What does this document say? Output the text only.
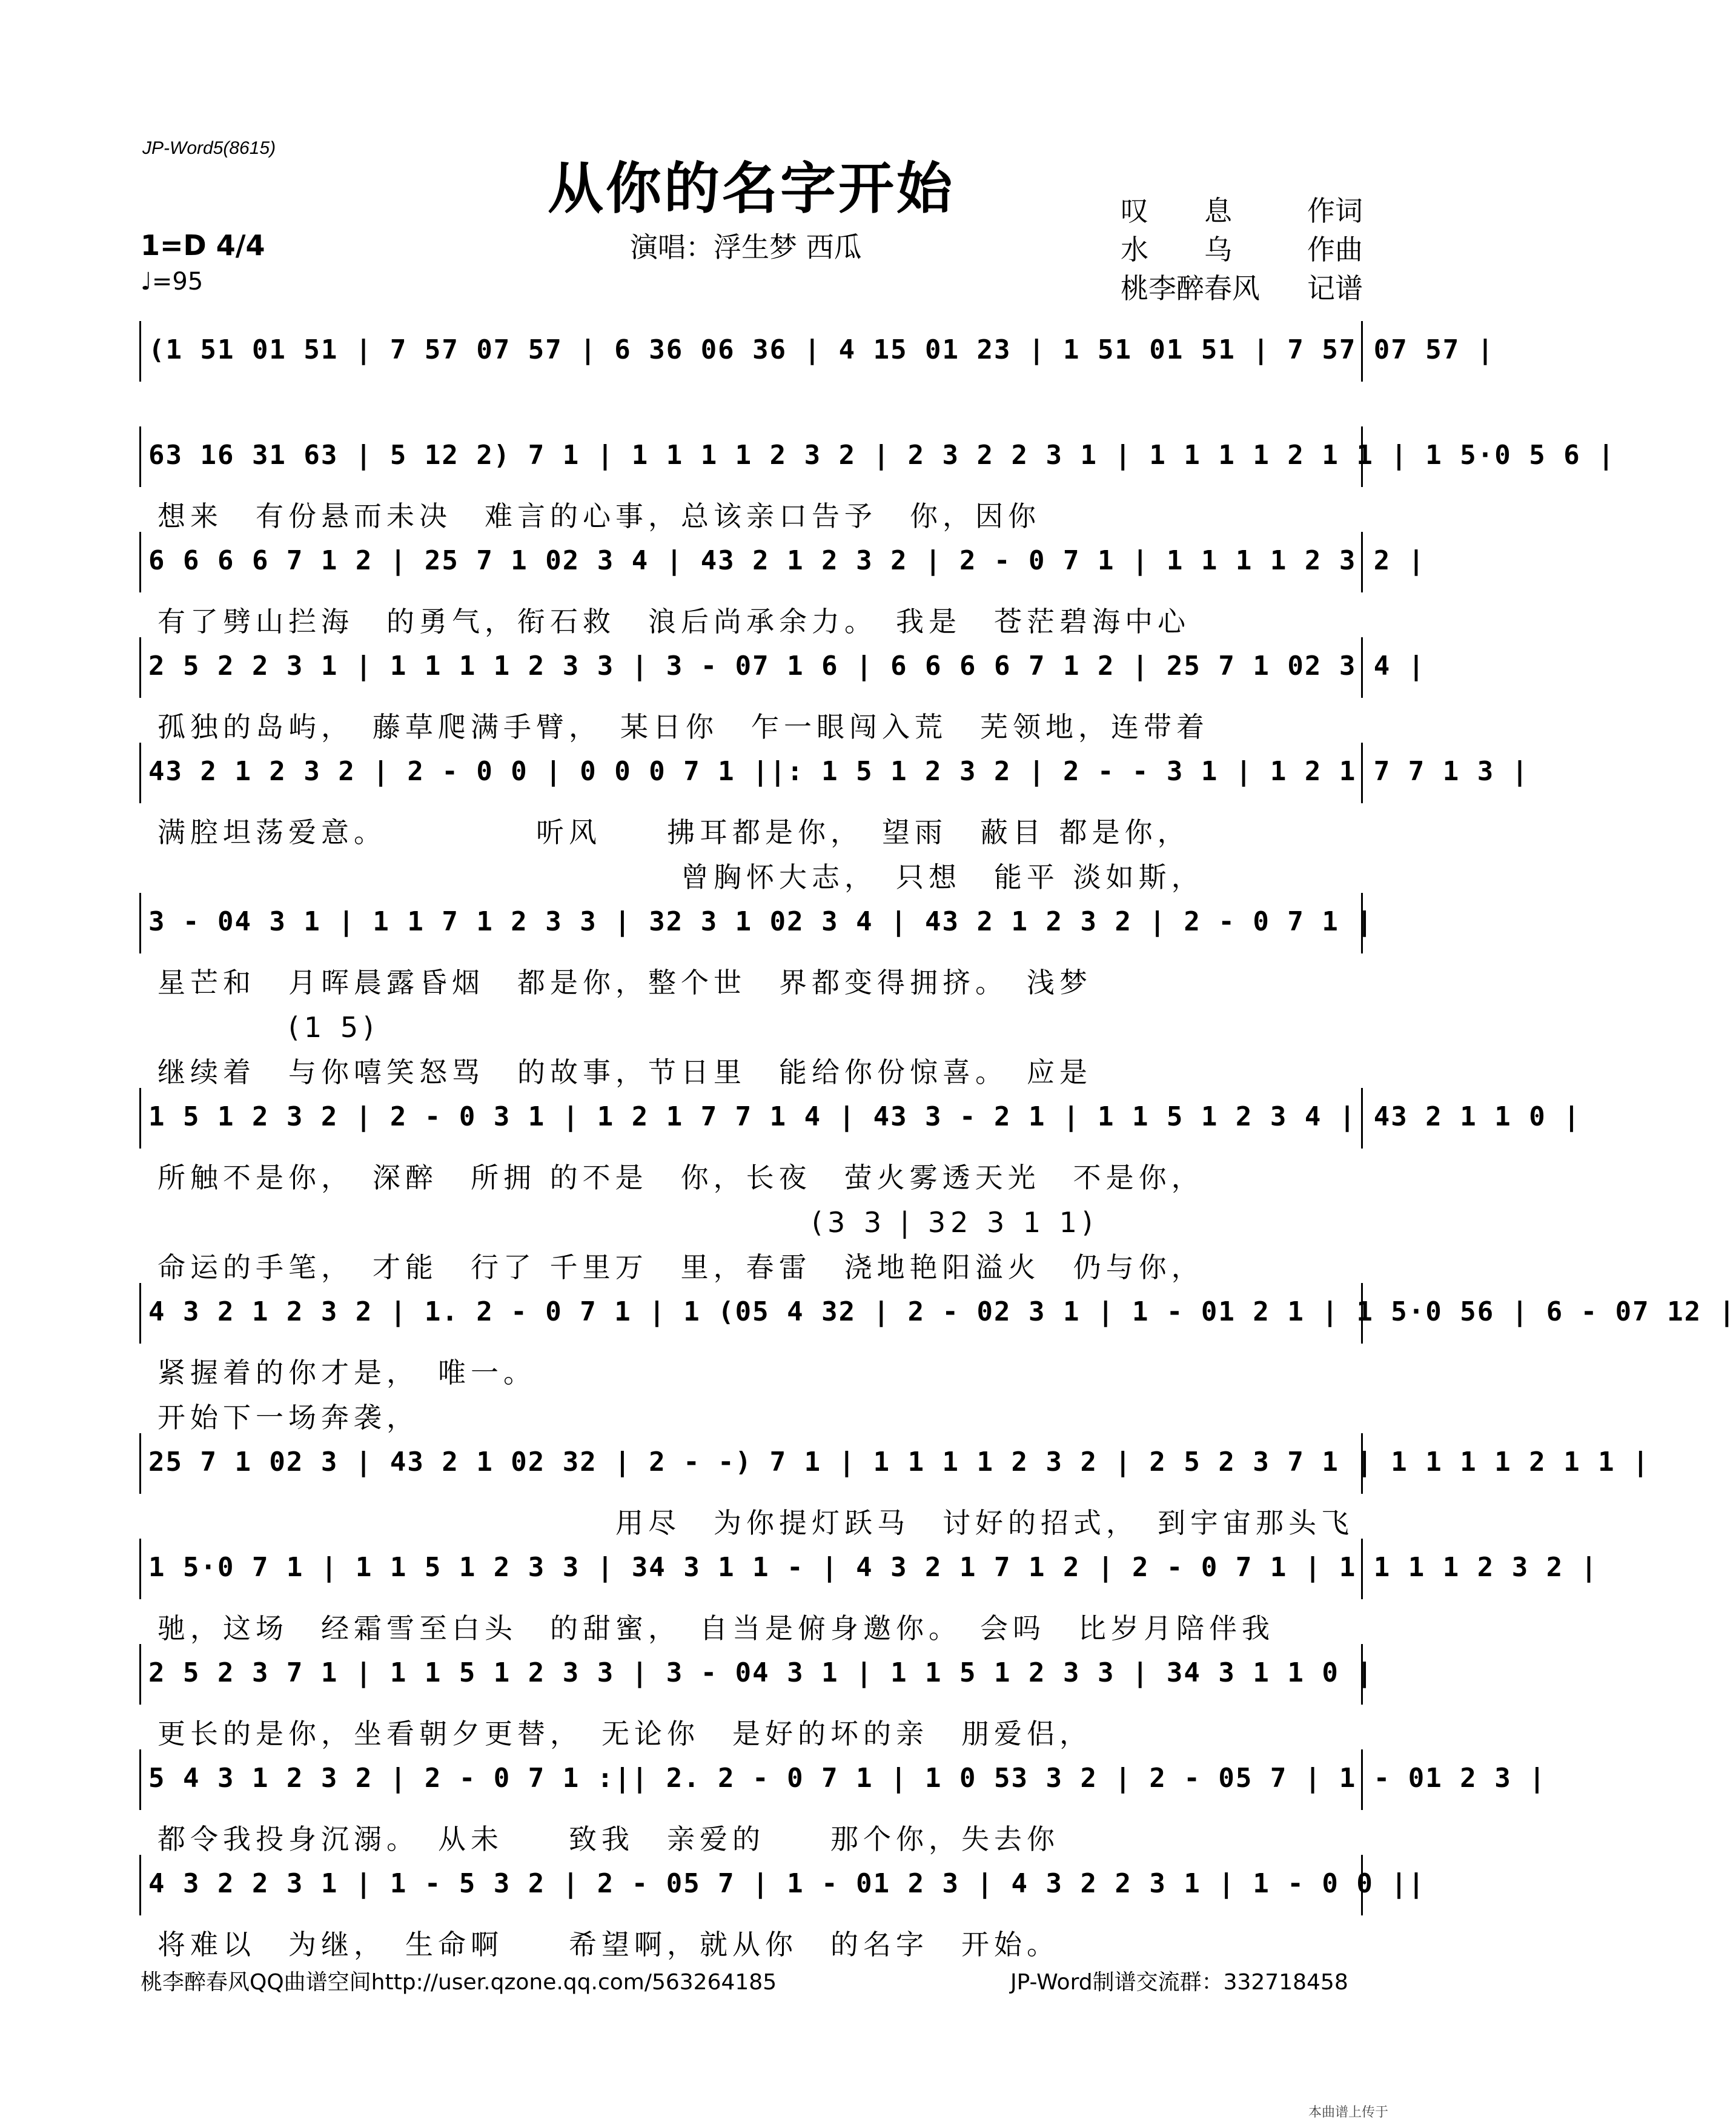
JP-Word5(8615)
从你的名字开始
演唱：浮生梦 西瓜
1=D 4/4
♩=95
叹　　息	作词
水　　乌	作曲
桃李醉春风 记谱
(1 51 01 51 | 7 57 07 57 | 6 36 06 36 | 4 15 01 23 | 1 51 01 51 | 7 57 07 57 |
63 16 31 63 | 5 12 2) 7 1 | 1 1 1 1 2 3 2 | 2 3 2 2 3 1 | 1 1 1 1 2 1 1 | 1 5·0 5 6 |
想来　有份悬而未决　难言的心事，总该亲口告予　你，因你
6 6 6 6 7 1 2 | 25 7 1 02 3 4 | 43 2 1 2 3 2 | 2 - 0 7 1 | 1 1 1 1 2 3 2 |
有了劈山拦海　的勇气，衔石救　浪后尚承余力。　我是　苍茫碧海中心
2 5 2 2 3 1 | 1 1 1 1 2 3 3 | 3 - 07 1 6 | 6 6 6 6 7 1 2 | 25 7 1 02 3 4 |
孤独的岛屿，　藤草爬满手臂，　某日你　乍一眼闯入荒　芜领地，连带着
43 2 1 2 3 2 | 2 - 0 0 | 0 0 0 7 1 ||: 1 5 1 2 3 2 | 2 - - 3 1 | 1 2 1 7 7 1 3 |
满腔坦荡爱意。　　　　　听风　　拂耳都是你，　望雨　蔽目 都是你，
　　　　　　　　　　　　　　　　曾胸怀大志，　只想　能平 淡如斯，
3 - 04 3 1 | 1 1 7 1 2 3 3 | 32 3 1 02 3 4 | 43 2 1 2 3 2 | 2 - 0 7 1 |
星芒和　月晖晨露昏烟　都是你，整个世　界都变得拥挤。　浅梦
　　　　(1 5)
继续着　与你嘻笑怒骂　的故事，节日里　能给你份惊喜。　应是
1 5 1 2 3 2 | 2 - 0 3 1 | 1 2 1 7 7 1 4 | 43 3 - 2 1 | 1 1 5 1 2 3 4 | 43 2 1 1 0 |
所触不是你，　深醉　所拥 的不是　你，长夜　萤火雾透天光　不是你，
　　　　　　　　　　　　　　　　　　　　(3 3 | 32 3 1 1)
命运的手笔，　才能　行了 千里万　里，春雷　浇地艳阳溢火　仍与你，
4 3 2 1 2 3 2 | 1. 2 - 0 7 1 | 1 (05 4 32 | 2 - 02 3 1 | 1 - 01 2 1 | 1 5·0 56 | 6 - 07 12 |
紧握着的你才是，　唯一。
开始下一场奔袭，
25 7 1 02 3 | 43 2 1 02 32 | 2 - -) 7 1 | 1 1 1 1 2 3 2 | 2 5 2 3 7 1 | 1 1 1 1 2 1 1 |
　　　　　　　　　　　　　　用尽　为你提灯跃马　讨好的招式，　到宇宙那头飞
1 5·0 7 1 | 1 1 5 1 2 3 3 | 34 3 1 1 - | 4 3 2 1 7 1 2 | 2 - 0 7 1 | 1 1 1 1 2 3 2 |
驰，这场　经霜雪至白头　的甜蜜，　自当是俯身邀你。　会吗　比岁月陪伴我
2 5 2 3 7 1 | 1 1 5 1 2 3 3 | 3 - 04 3 1 | 1 1 5 1 2 3 3 | 34 3 1 1 0 |
更长的是你，坐看朝夕更替，　无论你　是好的坏的亲　朋爱侣，
5 4 3 1 2 3 2 | 2 - 0 7 1 :|| 2. 2 - 0 7 1 | 1 0 53 3 2 | 2 - 05 7 | 1 - 01 2 3 |
都令我投身沉溺。　从未　　致我　亲爱的　　那个你，失去你
4 3 2 2 3 1 | 1 - 5 3 2 | 2 - 05 7 | 1 - 01 2 3 | 4 3 2 2 3 1 | 1 - 0 0 ||
将难以　为继，　生命啊　　希望啊，就从你　的名字　开始。
桃李醉春风QQ曲谱空间http://user.qzone.qq.com/563264185	JP-Word制谱交流群：332718458
本曲谱上传于
